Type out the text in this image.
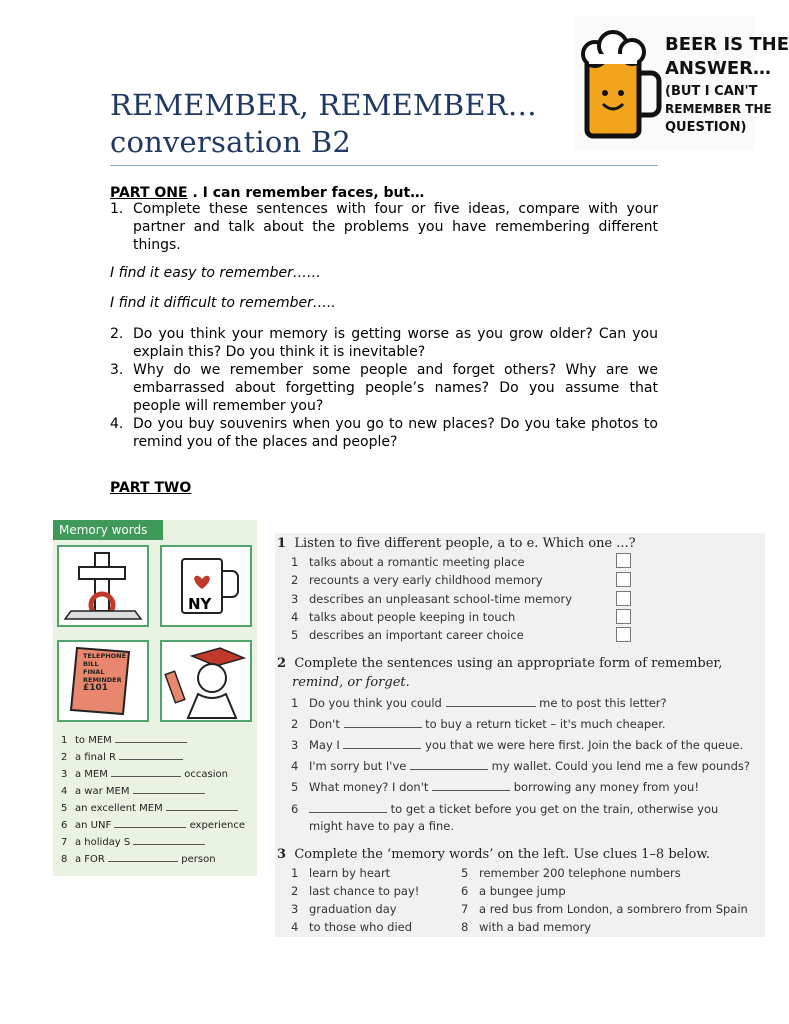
REMEMBER, REMEMBER…
conversation B2
BEER IS THE
ANSWER…
(BUT I CAN'T
REMEMBER THE
QUESTION)
PART ONE . I can remember faces, but…
1. Complete these sentences with four or five ideas, compare with your partner and talk about the problems you have remembering different things.
I find it easy to remember……
I find it difficult to remember…..
2. Do you think your memory is getting worse as you grow older? Can you explain this? Do you think it is inevitable?
3. Why do we remember some people and forget others? Why are we embarrassed about forgetting people’s names? Do you assume that people will remember you?
4. Do you buy souvenirs when you go to new places? Do you take photos to remind you of the places and people?
PART TWO
Memory words
NY
TELEPHONE
BILL
FINAL
REMINDER
£101
1 to MEM
2 a final R
3 a MEM	occasion
4 a war MEM
5 an excellent MEM
6 an UNF	experience
7 a holiday S
8 a FOR	person
1 Listen to five different people, a to e. Which one ...?
1 talks about a romantic meeting place
2 recounts a very early childhood memory
3 describes an unpleasant school-time memory
4 talks about people keeping in touch
5 describes an important career choice
2 Complete the sentences using an appropriate form of remember,
remind, or forget.
1 Do you think you could	me to post this letter?
2 Don't	to buy a return ticket – it's much cheaper.
3 May I	you that we were here first. Join the back of the queue.
4 I'm sorry but I've	my wallet. Could you lend me a few pounds?
5 What money? I don't	borrowing any money from you!
6	to get a ticket before you get on the train, otherwise you
might have to pay a fine.
3 Complete the ‘memory words’ on the left. Use clues 1–8 below.
1 learn by heart
2 last chance to pay!
3 graduation day
4 to those who died
5 remember 200 telephone numbers
6 a bungee jump
7 a red bus from London, a sombrero from Spain
8 with a bad memory
